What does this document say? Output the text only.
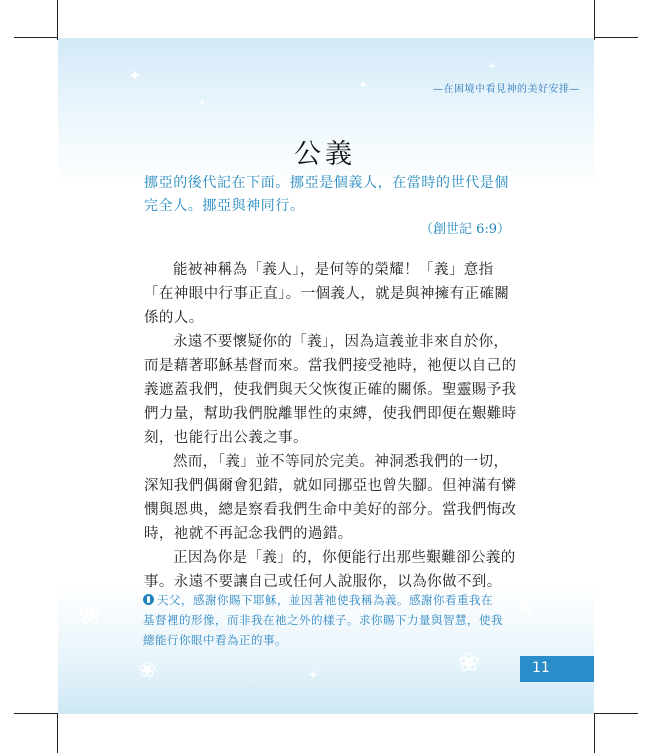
✦
✦
✦
✦
❀
❀	❀
❀
✦
—在困境中看見神的美好安排—
公義
挪亞的後代記在下面。挪亞是個義人，在當時的世代是個完全人。挪亞與神同行。
（創世記 6:9）

能被神稱為「義人」，是何等的榮耀！「義」意指「在神眼中行事正直」。一個義人，就是與神擁有正確關係的人。

永遠不要懷疑你的「義」，因為這義並非來自於你，而是藉著耶穌基督而來。當我們接受祂時，祂便以自己的義遮蓋我們，使我們與天父恢復正確的關係。聖靈賜予我們力量，幫助我們脫離罪性的束縛，使我們即便在艱難時刻，也能行出公義之事。

然而，「義」並不等同於完美。神洞悉我們的一切，深知我們偶爾會犯錯，就如同挪亞也曾失腳。但神滿有憐憫與恩典，總是察看我們生命中美好的部分。當我們悔改時，祂就不再記念我們的過錯。

正因為你是「義」的，你便能行出那些艱難卻公義的事。永遠不要讓自己或任何人說服你，以為你做不到。

天父，感謝你賜下耶穌，並因著祂使我稱為義。感謝你看重我在基督裡的形像，而非我在祂之外的樣子。求你賜下力量與智慧，使我總能行你眼中看為正的事。
11
